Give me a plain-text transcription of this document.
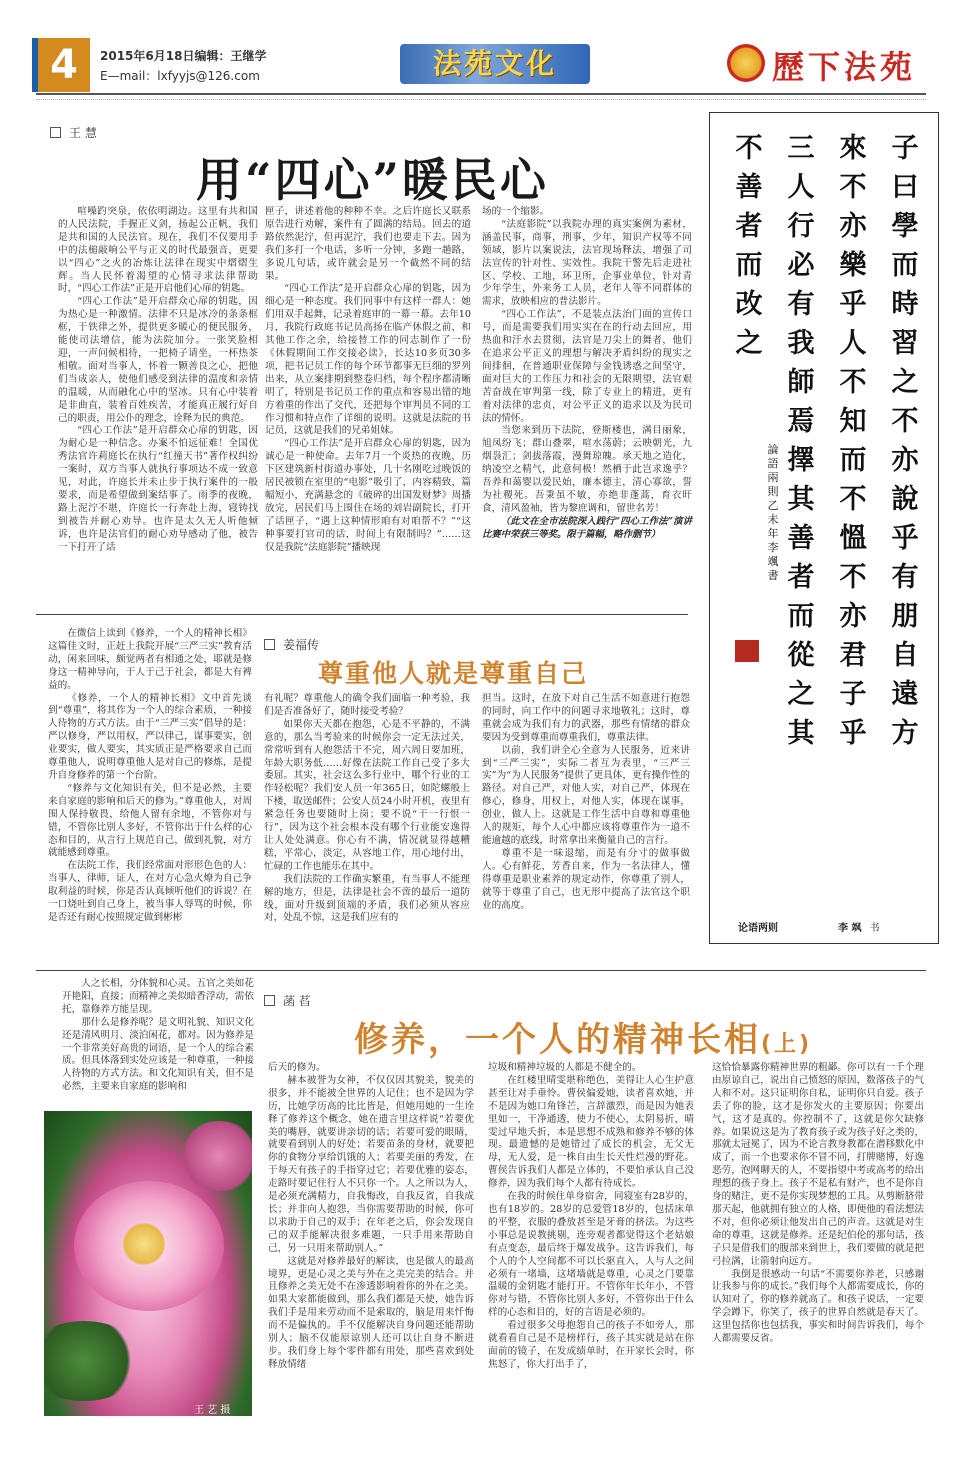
4	2015年6月18日编辑：王继学
E—mail：lxfyyjs@126.com	法苑文化	歷下法苑
王 慧
用“四心”暖民心

喧噪趵突泉，依依明湖边。这里有共和国的人民法院，手握正义剑，扬起公正帆，我们是共和国的人民法官。现在，我们不仅要用手中的法槌敲响公平与正义的时代最强音，更要以“四心”之火的冶炼让法律在现实中熠熠生辉。当人民怀着渴望的心情寻求法律帮助时，“四心工作法”正是开启他们心扉的钥匙。

“四心工作法”是开启群众心扉的钥匙，因为热心是一种激情。法律不只是冰冷的条条框框，于铁律之外，提供更多暖心的便民服务，能使司法增信，能为法院加分。一张笑脸相迎，一声问候相待，一把椅子请坐，一杯热茶相敬。面对当事人，怀着一颗善良之心，把他们当成亲人，使他们感受到法律的温度和亲情的温暖，从而融化心中的坚冰。只有心中装着是非曲直，装着百姓疾苦，才能真正履行好自己的职责，用公仆的理念，诠释为民的典范。

“四心工作法”是开启群众心扉的钥匙，因为耐心是一种信念。办案不怕远征难！全国优秀法官许莉庭长在执行“红撞天书”著作权纠纷一案时，双方当事人就执行事项达不成一致意见，对此，许庭长并未止步于执行案件的一般要求，而是希望做到案结事了。雨季的夜晚，路上泥泞不堪，许庭长一行奔赴上海，寝铸找到被告并耐心劝导。也许是太久无人听他倾诉，也许是法官们的耐心劝导感动了他，被告一下打开了话

匣子，讲述着他的种种不幸。之后许庭长又联系原告进行劝解，案件有了圆满的结局。回去的道路依然泥泞，但再泥泞，我们也要走下去。因为我们多打一个电话，多听一分钟，多跑一趟路，多说几句话，或许就会是另一个截然不同的结果。

“四心工作法”是开启群众心扉的钥匙，因为细心是一种态度。我们同事中有这样一群人：她们用双手起舞，记录着庭审的一幕一幕。去年10月，我院行政庭书记员高扬在临产休假之前，和其他工作之余，给接替工作的同志制作了一份《休假期间工作交接必读》，长达10多页30多项，把书记员工作的每个环节都事无巨细的罗列出来，从立案排期到整卷归档，每个程序都清晰明了，特别是书记员工作的重点和容易出错的地方着重的作出了交代，还把每个审判员不同的工作习惯和特点作了详细的说明。这就是法院的书记员，这就是我们的兄弟姐妹。

“四心工作法”是开启群众心扉的钥匙，因为诚心是一种使命。去年7月一个炎热的夜晚，历下区建筑新村街道办事处，几十名刚吃过晚饭的居民被锁在室里的“电影”吸引了，内容精致，篇幅短小，充满悬念的《破碎的出国发财梦》周播放完，居民们马上围住在场的刘岩副院长，打开了话匣子，“遇上这种情形咱有对咱帮不？”“这种事要打官司的话，时间上有限制吗？”……这仅是我院“法庭影院”播映现

场的一个缩影。

“法庭影院”以我院办理的真实案例为素材，涵盖民事，商事，刑事，少年，知识产权等不同领域，影片以案说法，法官现场释法，增强了司法宣传的针对性、实效性。我院干警先后走进社区、学校、工地，环卫所，企事业单位，针对青少年学生，外来务工人员，老年人等不同群体的需求，放映相应的普法影片。

“四心工作法”，不是装点法治门面的宣传口号，而是需要我们用实实在在的行动去回应，用热血和汗水去贯彻，法官是刀尖上的舞者，他们在追求公平正义的理想与解决矛盾纠纷的现实之间排徊，在普通职业保障与金钱诱惑之间坚守，面对巨大的工作压力和社会的无限期望，法官艰苦奋战在审判第一线，除了专业上的精进，更有着对法律的忠贞，对公平正义的追求以及为民司法的情怀。

当您来到历下法院，登斯楼也，满目丽象，旭凤纷飞；群山叠翠，喧水荡蔚；云映朝光，九烟袅汇；剑拔落霞，漫舞琼魄。承天地之造化，纳凌空之精气，此意何极！然栖于此岂求逸乎？吾养和蔼婴以爱民始，廉本德主，清心寡欲，誓为社稷死。吾秉虽不敏，亦绝非蓬蒿，育衣旰食，清风盈袖，皆为黎庶调和，留世名芳！

（此文在全市法院深入践行“四心工作法”演讲比赛中荣获三等奖。限于篇幅，略作删节）

子曰學而時習之不亦說乎有朋自遠方
來不亦樂乎人不知而不慍不亦君子乎
三人行必有我師焉擇其善者而從之其
不善者而改之
論語兩則　乙未年　李 颯 書
论语两则	李 飒 书

在微信上读到《修养，一个人的精神长相》这篇佳文时，正赶上我院开展“三严三实”教育活动，闲来回味，颇觉两者有相通之处，耶就是修身这一精神导向，于人于己于社会，都是大有裨益的。

《修养，一个人的精神长相》文中首先谈到“尊重”，将其作为一个人的综合素质，一种接人待物的方式方法。由于“三严三实”倡导的是：严以修身，严以用权，严以律己，谋事要实，创业要实，做人要实，其实质正是严格要求自己而尊重他人，说明尊重他人是对自己的修炼，是提升自身修养的第一个台阶。

“修养与文化知识有关，但不是必然，主要来自家庭的影响和后天的修为。”尊重他人，对周围人保持敬畏，给他人留有余地，不管你对与错，不管你比别人多好，不管你出于什么样的心态和目的，从言行上规范自己，做到礼貌，对方就能感到尊重。

在法院工作，我们经常面对形形色色的人：当事人，律师，证人，在对方心急火燎为自己争取利益的时候，你是否认真倾听他们的诉说？在一口烧吐到自己身上，被当事人辱骂的时候，你是否还有耐心按照规定做到彬彬

姜福传
尊重他人就是尊重自己

有礼呢？尊重他人的确令我们面临一种考验，我们是否准备好了，随时接受考验？

如果你天天都在抱怨，心是不平静的，不满意的，那么当考验来的时候你会一定无法过关，常常听到有人抱怨活干不完，周六周日要加班，年龄大职务低……好像在法院工作自己受了多大委屈。其实，社会这么多行业中，哪个行业的工作轻松呢？我们安人员一年365日，如陀螺般上下楼，取送邮件；公安人员24小时开机，夜里有紧急任务也要随时上岗；要不说“干一行恨一行”，因为这个社会根本没有哪个行业能安逸得让人处处满意。你心有不满，情况就显得越糟糕，平常心，淡定，从容地工作，用心地付出，忙碌的工作也能乐在其中。

我们法院的工作确实繁重，有当事人不能理解的地方，但是，法律是社会不啻的最后一道防线，面对升级到顶端的矛盾，我们必须从容应对，处乱不惊，这是我们应有的

担当。这时，在放下对自己生活不如意进行抱怨的同时，向工作中的问题寻求地敬礼；这时，尊重就会成为我们有力的武器，那些有情绪的群众要因为受到尊重而尊重我们，尊重法律。

以前，我们讲全心全意为人民服务，近来讲到“三严三实”，实际二者互为表里，“三严三实”为“为人民服务”提供了更具体，更有操作性的路径。对自己严，对他人实，对自己严，体现在修心，修身，用权上，对他人实，体现在谋事，创业，做人上。这就是工作生活中自尊和尊重他人的规矩，每个人心中都应该将尊重作为一道不能逾越的底线，时常拿出来衡量自己的言行。

尊重不是一味退缩，而是有分寸的做事做人。心有鲜花，芳香自来，作为一名法律人，懂得尊重是职业素养的规定动作，你尊重了别人，就等于尊重了自己，也无形中提高了法官这个职业的高度。

人之长相，分体貌和心灵。五官之美如花开艳阳，直接；而精神之美似暗香浮动，需依托，靠修养方能呈现。

那什么是修养呢？是文明礼貌、知识文化还是清风明月、淡泊闲花，都对。因为修养是一个非常美好高贵的词语，是一个人的综合素质。但具体落到实处应该是一种尊重，一种接人待物的方式方法。和文化知识有关，但不是必然，主要来自家庭的影响和

菡 萏
修养，一个人的精神长相(上)
王 艺 摄

后天的修为。

赫本被誉为女神，不仅仅因其貌美，貌美的很多，并不能被全世界的人记住；也不是因为学历，比她学历高的比比皆是，但她用她的一生诠释了修养这个概念，她在遗言里这样说“若要优美的嘴唇，就要讲亲切的话；若要可爱的眼睛，就要看到别人的好处；若要苗条的身材，就要把你的食物分享给饥饿的人；若要美丽的秀发，在于每天有孩子的手指穿过它；若要优雅的姿态，走路时要记住行人不只你一个。人之所以为人，是必须充满精力，自我悔改，自我反省，自我成长；并非向人抱怨，当你需要帮助的时候，你可以求助于自己的双手；在年老之后，你会发现自己的双手能解决很多难题，一只手用来帮助自己，另一只用来帮助别人。”

这就是对修养最好的解读，也是做人的最高境界，更是心灵之美与外在之美完美的结合。并且修养之美无处不在渗透影响着你的外在之美。如果大家都能做到，那么我们都是天使，她告诉我们手是用来劳动而不是索取的，脑是用来忏悔而不是偏执的。手不仅能解决自身问题还能帮助别人；脑不仅能原谅别人还可以让自身不断进步。我们身上每个零件都有用处，那些喜欢到处释放情绪

垃圾和精神垃圾的人都是不健全的。

在红楼里晴雯堪称绝色，美得让人心生护意甚至让对手垂怜。曹侯偏爱她，读者喜欢她，并不是因为她口角锋芒，言辞激烈，而是因为她表里如一，干净通透，使力不使心，太阴易折，晴雯过早地夭折，本是思想不成熟和修养不够的体现。最遗憾的是她错过了成长的机会，无父无母，无人爱，是一株自由生长天性烂漫的野花。曹侯告诉我们人都是立体的，不要怕承认自己没修养，因为我们每个人都有待成长。

在我的时候住单身宿舍，同寝室有28岁的，也有18岁的。28岁的总爱管18岁的，包括床单的平整，衣服的叠放甚至是牙膏的挤法。为这些小事总是说教挑剔，连旁观者都觉得这个老姑娘有点变态，最后终于爆发战争。这告诉我们，每个人的个人空间都不可以长驱直入，人与人之间必须有一堵墙，这堵墙就是尊重，心灵之门要靠温暖的金钥匙才能打开。不管你年长年小，不管你对与错，不管你比别人多好，不管你出于什么样的心态和目的，好的言语是必须的。

看过很多父母抱怨自己的孩子不如旁人，那就看看自己是不是榜样行，孩子其实就是站在你面前的镜子，在发成绩单时，在开家长会时，你焦怒了，你大打出手了，

这恰恰暴露你精神世界的粗鄙。你可以有一千个理由原谅自己，说出自己愤怒的原因，数落孩子的气人和不对。这只证明你自私，证明你只自爱。孩子丢了你的脸，这才是你发火的主要原因；你要出气，这才是真的。你控制不了，这就是你欠缺修养。如果说这是为了教育孩子或为孩子好之类的，那就太冠冕了，因为不论言教身教都在潜移默化中成了，而一个也要求你不冒不同，打牌赌博，好逸恶劳，泡网聊天的人，不要指望中考或高考的给出理想的孩子身上。孩子不是私有财产，也不是你自身的赌注，更不是你实现梦想的工具。从剪断脐带那天起，他就拥有独立的人格，即便他的看法想法不对，但你必须让他发出自己的声音。这就是对生命的尊重，这就是修养。还是纪伯伦的那句话，孩子只是借我们的腹部来到世上，我们要做的就是把弓拉满，让箭射向远方。

我倒是很感动一句话“不需要你养老，只感谢让我参与你的成长。”我们每个人都需要成长，你的认知对了，你的修养就高了。和孩子说话，一定要学会蹲下，你笑了，孩子的世界自然就是春天了。这里包括你也包括我，事实和时间告诉我们，每个人都需要反省。
